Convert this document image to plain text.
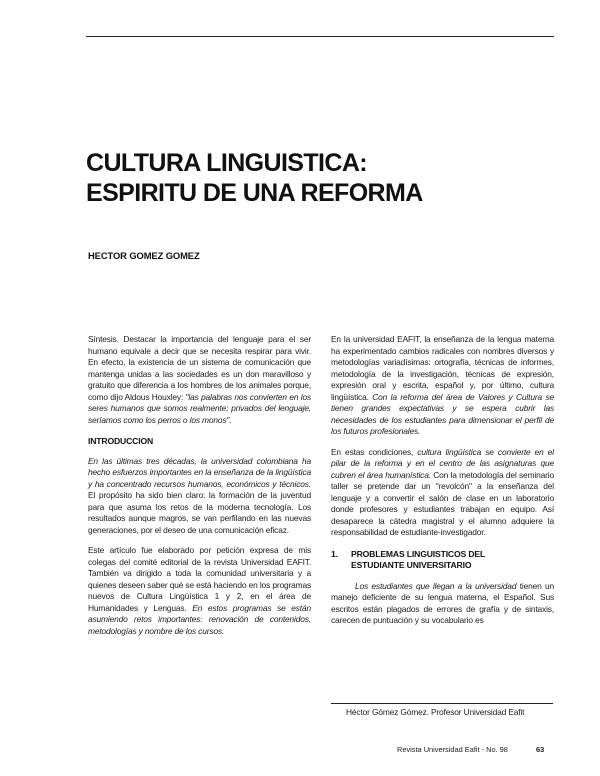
CULTURA LINGUISTICA:
ESPIRITU DE UNA REFORMA
HECTOR GOMEZ GOMEZ

Síntesis. Destacar la importancia del lenguaje para el ser humano equivale a decir que se necesita respirar para vivir. En efecto, la existencia de un sistema de comunicación que mantenga unidas a las sociedades es un don maravilloso y gratuito que diferencia a los hombres de los animales porque, como dijo Aldous Houxley: "las palabras nos convierten en los seres humanos que somos realmente; privados del lenguaje, seríamos como los perros o los monos".

INTRODUCCION

En las últimas tres décadas, la universidad colombiana ha hecho esfuerzos importantes en la enseñanza de la lingüística y ha concentrado recursos humanos, económicos y técnicos. El propósito ha sido bien claro: la formación de la juventud para que asuma los retos de la moderna tecnología. Los resultados aunque magros, se van perfilando en las nuevas generaciones, por el deseo de una comunicación eficaz.

Este artículo fue elaborado por petición expresa de mis colegas del comité editorial de la revista Universidad EAFIT. También va dirigido a toda la comunidad universitaria y a quienes deseen saber qué se está haciendo en los programas nuevos de Cultura Lingüística 1 y 2, en el área de Humanidades y Lenguas. En estos programas se están asumiendo retos importantes: renovación de contenidos, metodologías y nombre de los cursos.

En la universidad EAFIT, la enseñanza de la lengua materna ha experimentado cambios radicales con nombres diversos y metodologías variadísimas: ortografía, técnicas de informes, metodología de la investigación, técnicas de expresión, expresión oral y escrita, español y, por último, cultura lingüística. Con la reforma del área de Valores y Cultura se tienen grandes expectativas y se espera cubrir las necesidades de los estudiantes para dimensionar el perfil de los futuros profesionales.

En estas condiciones, cultura lingüística se convierte en el pilar de la reforma y en el centro de las asignaturas que cubren el área humanística. Con la metodología del seminario taller se pretende dar un "revolcón" a la enseñanza del lenguaje y a convertir el salón de clase en un laboratorio donde profesores y estudiantes trabajan en equipo. Así desaparece la cátedra magistral y el alumno adquiere la responsabilidad de estudiante-investigador.

1.	PROBLEMAS LINGUISTICOS DEL
ESTUDIANTE UNIVERSITARIO

Los estudiantes que llegan a la universidad tienen un manejo deficiente de su lengua materna, el Español. Sus escritos están plagados de errores de grafía y de sintaxis, carecen de puntuación y su vocabulario es

Héctor Gómez Gómez. Profesor Universidad Eafit
Revista Universidad Eafit - No. 98	63
